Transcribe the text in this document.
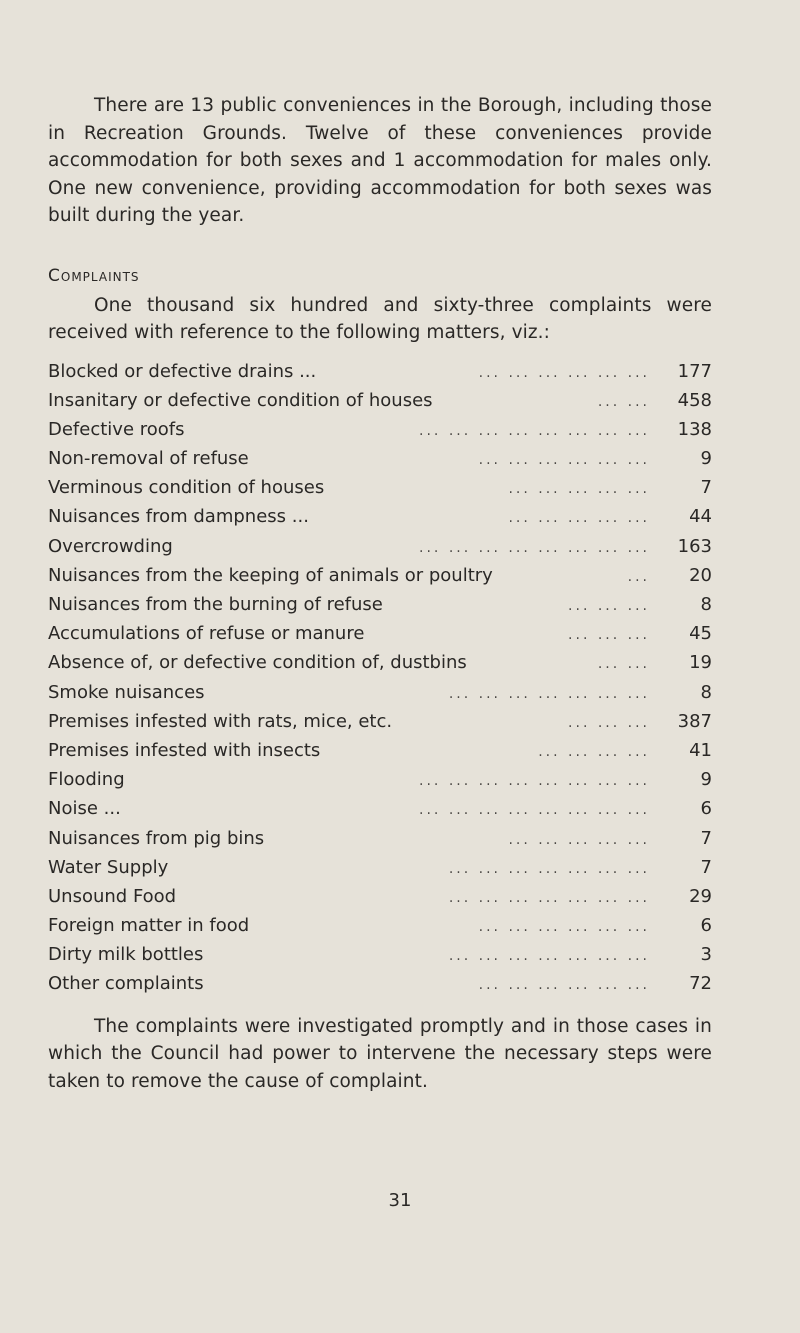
There are 13 public conveniences in the Borough, including those in Recreation Grounds. Twelve of these conveniences provide accommodation for both sexes and 1 accommodation for males only. One new convenience, providing accommodation for both sexes was built during the year.

Complaints

One thousand six hundred and sixty-three complaints were received with reference to the following matters, viz.:

Blocked or defective drains ...	... ... ... ... ... ...	177
Insanitary or defective condition of houses	... ...	458
Defective roofs	... ... ... ... ... ... ... ...	138
Non-removal of refuse	... ... ... ... ... ...	9
Verminous condition of houses	... ... ... ... ...	7
Nuisances from dampness ...	... ... ... ... ...	44
Overcrowding	... ... ... ... ... ... ... ...	163
Nuisances from the keeping of animals or poultry	...	20
Nuisances from the burning of refuse	... ... ...	8
Accumulations of refuse or manure	... ... ...	45
Absence of, or defective condition of, dustbins	... ...	19
Smoke nuisances	... ... ... ... ... ... ...	8
Premises infested with rats, mice, etc.	... ... ...	387
Premises infested with insects	... ... ... ...	41
Flooding	... ... ... ... ... ... ... ...	9
Noise ...	... ... ... ... ... ... ... ...	6
Nuisances from pig bins	... ... ... ... ...	7
Water Supply	... ... ... ... ... ... ...	7
Unsound Food	... ... ... ... ... ... ...	29
Foreign matter in food	... ... ... ... ... ...	6
Dirty milk bottles	... ... ... ... ... ... ...	3
Other complaints	... ... ... ... ... ...	72

The complaints were investigated promptly and in those cases in which the Council had power to intervene the necessary steps were taken to remove the cause of complaint.

31
